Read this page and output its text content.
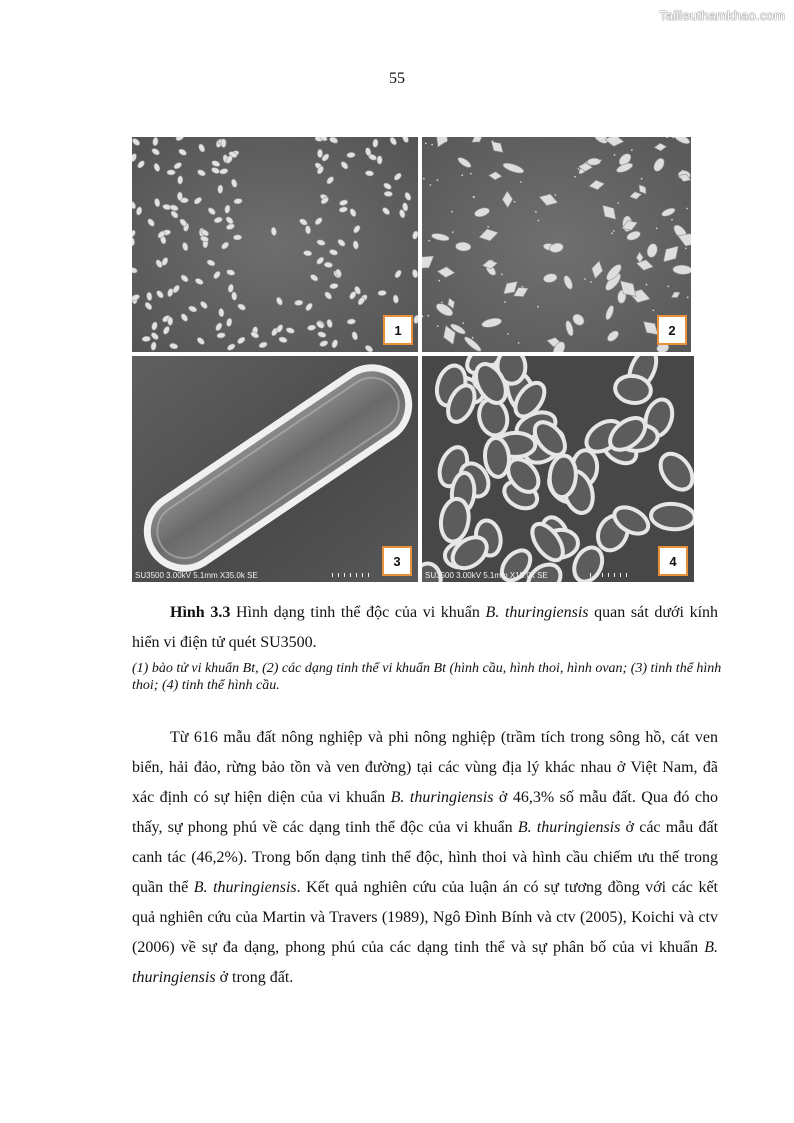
Tailieuthamkhao.com
55
1	2
SU3500 3.00kV 5.1mm X35.0k SE
3
SU3500 3.00kV 5.1mm X15.0k SE
4
Hình 3.3 Hình dạng tinh thể độc của vi khuẩn B. thuringiensis quan sát dưới kính hiển vi điện tử quét SU3500.
(1) bào tử vi khuẩn Bt, (2) các dạng tinh thể vi khuẩn Bt (hình cầu, hình thoi, hình ovan; (3) tinh thể hình thoi; (4) tinh thể hình cầu.
Từ 616 mẫu đất nông nghiệp và phi nông nghiệp (trầm tích trong sông hồ, cát ven biển, hải đảo, rừng bảo tồn và ven đường) tại các vùng địa lý khác nhau ở Việt Nam, đã xác định có sự hiện diện của vi khuẩn B. thuringiensis ở 46,3% số mẫu đất. Qua đó cho thấy, sự phong phú về các dạng tinh thể độc của vi khuẩn B. thuringiensis ở các mẫu đất canh tác (46,2%). Trong bốn dạng tinh thể độc, hình thoi và hình cầu chiếm ưu thế trong quần thể B. thuringiensis. Kết quả nghiên cứu của luận án có sự tương đồng với các kết quả nghiên cứu của Martin và Travers (1989), Ngô Đình Bính và ctv (2005), Koichi và ctv (2006) về sự đa dạng, phong phú của các dạng tinh thể và sự phân bố của vi khuẩn B. thuringiensis ở trong đất.
